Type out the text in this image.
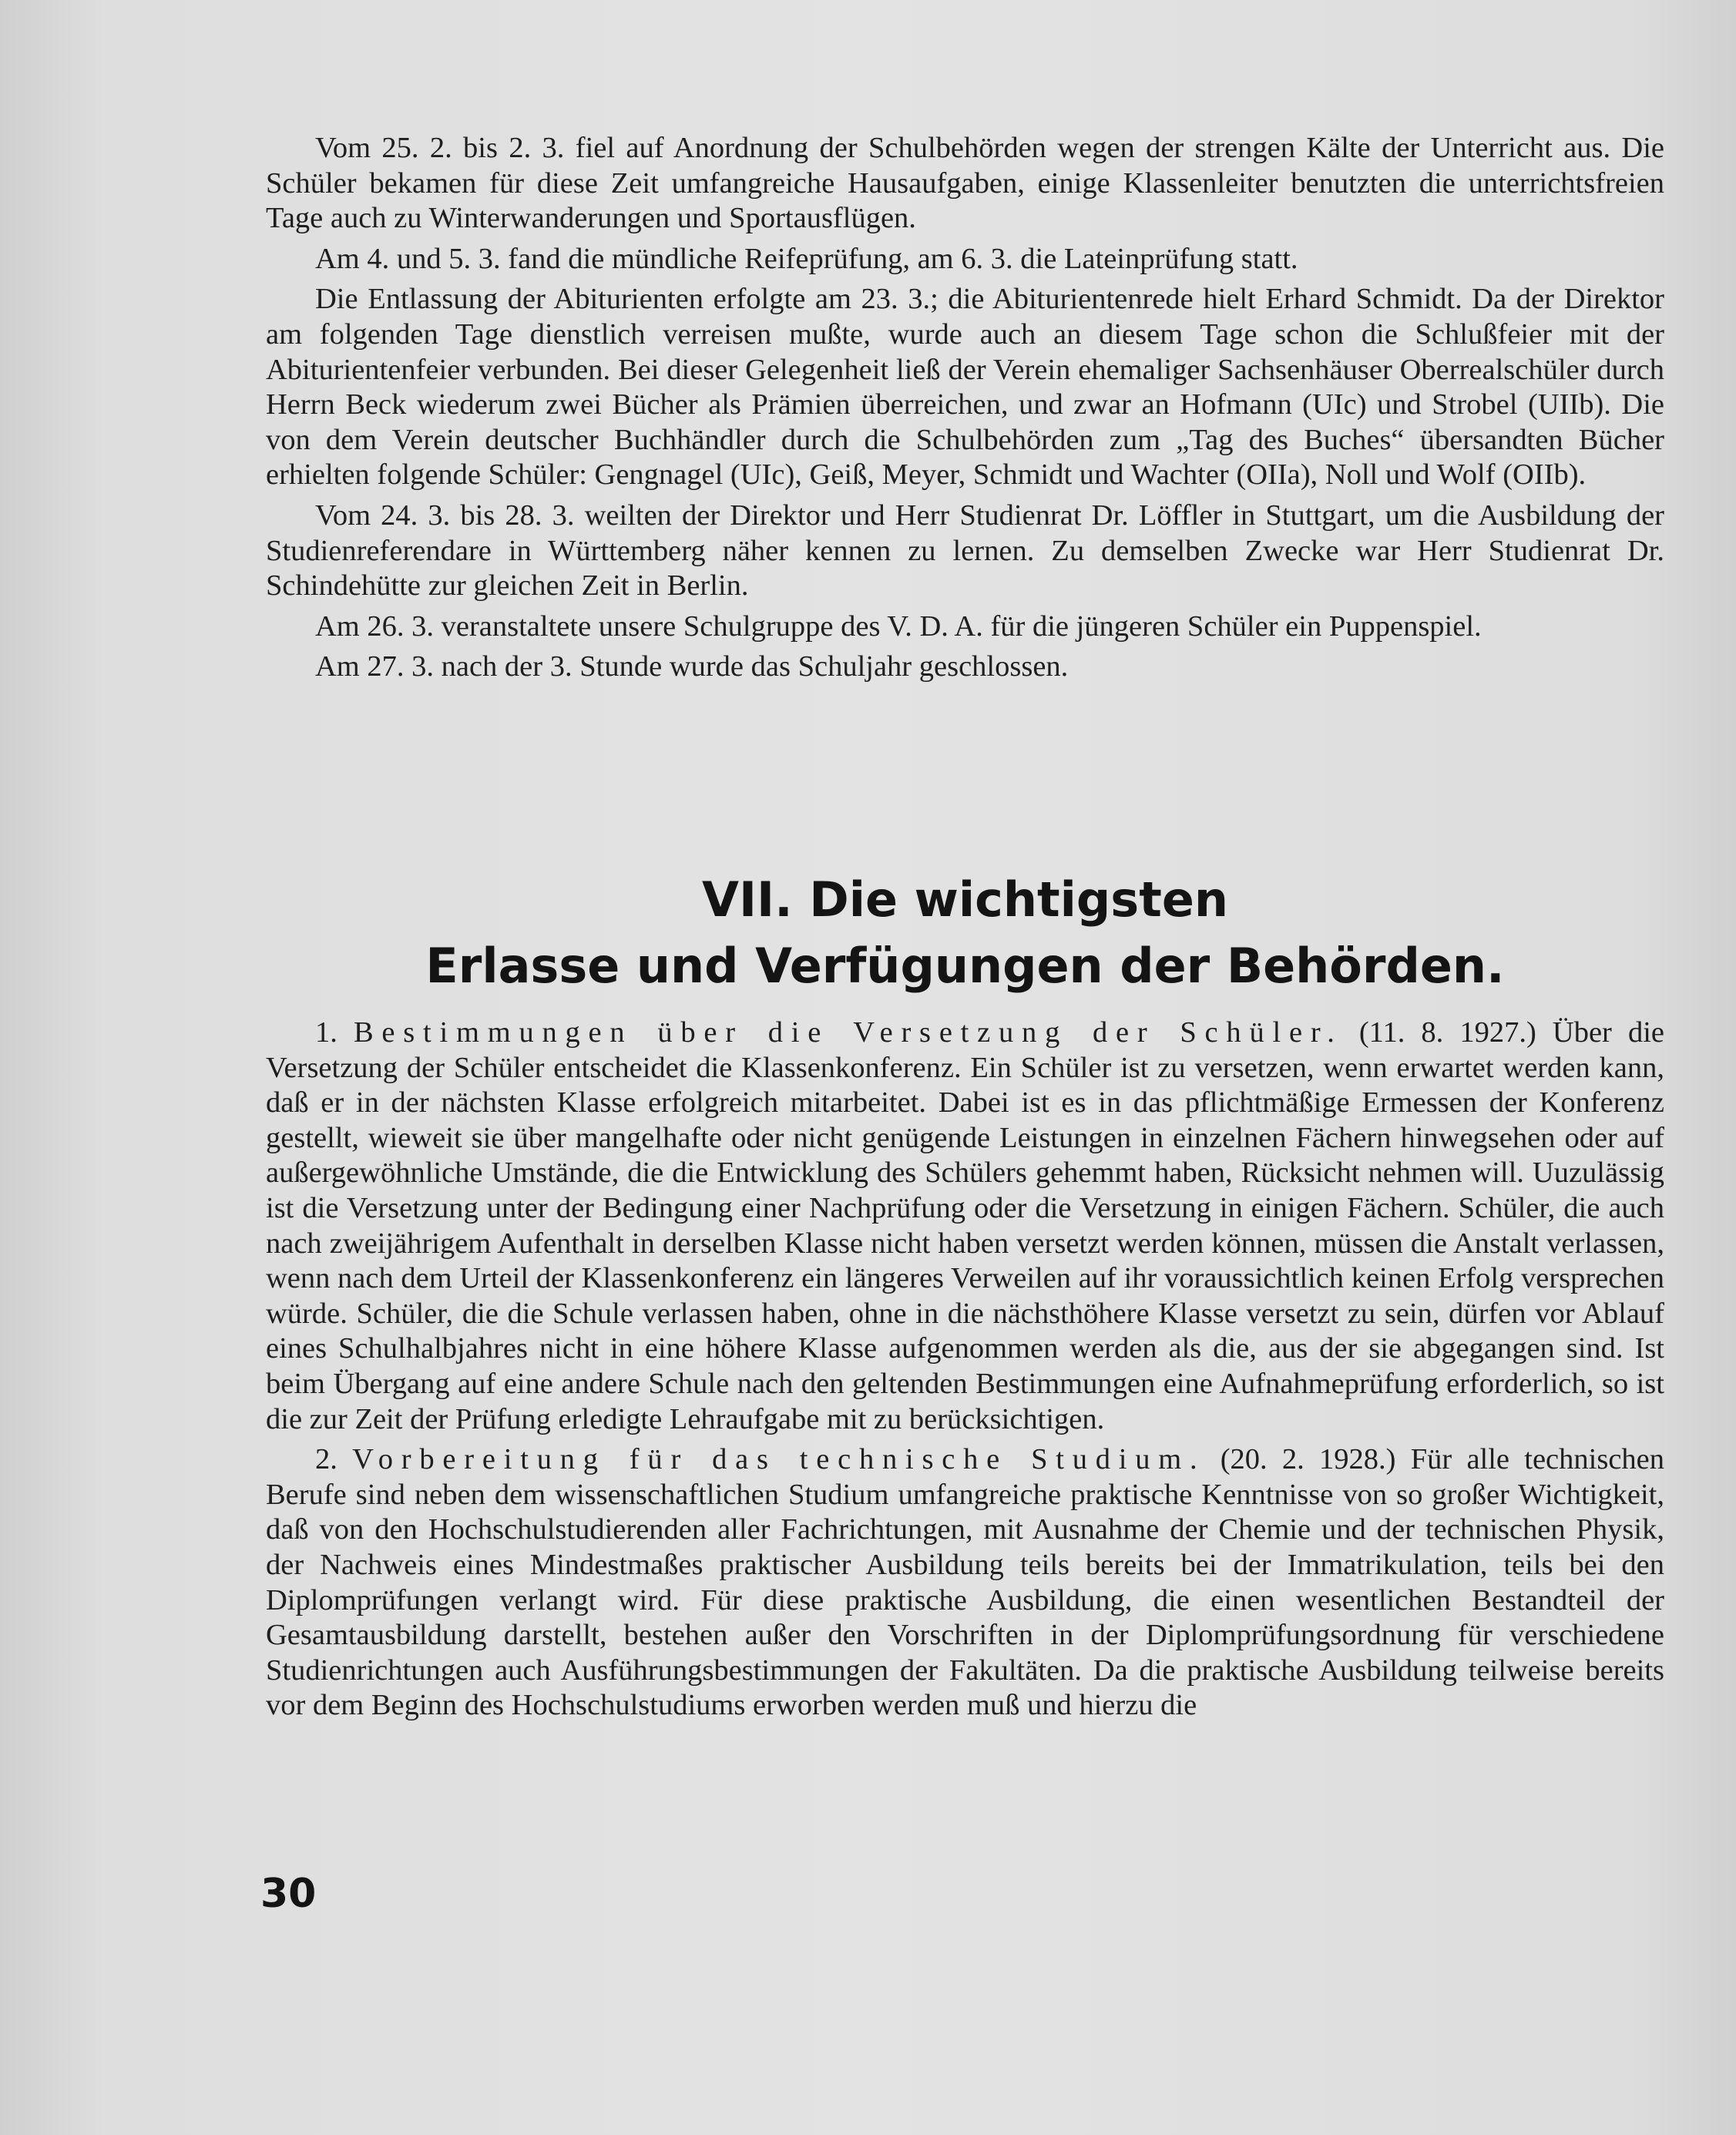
Vom 25. 2. bis 2. 3. fiel auf Anordnung der Schulbehörden wegen der strengen Kälte der Unterricht aus. Die Schüler bekamen für diese Zeit umfangreiche Hausaufgaben, einige Klassenleiter benutzten die unterrichtsfreien Tage auch zu Winterwanderungen und Sportausflügen.

Am 4. und 5. 3. fand die mündliche Reifeprüfung, am 6. 3. die Lateinprüfung statt.

Die Entlassung der Abiturienten erfolgte am 23. 3.; die Abiturientenrede hielt Erhard Schmidt. Da der Direktor am folgenden Tage dienstlich verreisen mußte, wurde auch an diesem Tage schon die Schlußfeier mit der Abiturientenfeier verbunden. Bei dieser Gelegenheit ließ der Verein ehemaliger Sachsenhäuser Oberrealschüler durch Herrn Beck wiederum zwei Bücher als Prämien überreichen, und zwar an Hofmann (UIc) und Strobel (UIIb). Die von dem Verein deutscher Buchhändler durch die Schulbehörden zum „Tag des Buches“ übersandten Bücher erhielten folgende Schüler: Gengnagel (UIc), Geiß, Meyer, Schmidt und Wachter (OIIa), Noll und Wolf (OIIb).

Vom 24. 3. bis 28. 3. weilten der Direktor und Herr Studienrat Dr. Löffler in Stuttgart, um die Ausbildung der Studienreferendare in Württemberg näher kennen zu lernen. Zu demselben Zwecke war Herr Studienrat Dr. Schindehütte zur gleichen Zeit in Berlin.

Am 26. 3. veranstaltete unsere Schulgruppe des V. D. A. für die jüngeren Schüler ein Puppenspiel.

Am 27. 3. nach der 3. Stunde wurde das Schuljahr geschlossen.

VII. Die wichtigsten
Erlasse und Verfügungen der Behörden.

1. Bestimmungen über die Versetzung der Schüler. (11. 8. 1927.) Über die Versetzung der Schüler entscheidet die Klassenkonferenz. Ein Schüler ist zu versetzen, wenn erwartet werden kann, daß er in der nächsten Klasse erfolgreich mitarbeitet. Dabei ist es in das pflichtmäßige Ermessen der Konferenz gestellt, wieweit sie über mangelhafte oder nicht genügende Leistungen in einzelnen Fächern hinwegsehen oder auf außergewöhnliche Umstände, die die Entwicklung des Schülers gehemmt haben, Rücksicht nehmen will. Uuzulässig ist die Versetzung unter der Bedingung einer Nachprüfung oder die Versetzung in einigen Fächern. Schüler, die auch nach zweijährigem Aufenthalt in derselben Klasse nicht haben versetzt werden können, müssen die Anstalt verlassen, wenn nach dem Urteil der Klassenkonferenz ein längeres Verweilen auf ihr voraussichtlich keinen Erfolg versprechen würde. Schüler, die die Schule verlassen haben, ohne in die nächsthöhere Klasse versetzt zu sein, dürfen vor Ablauf eines Schulhalbjahres nicht in eine höhere Klasse aufgenommen werden als die, aus der sie abgegangen sind. Ist beim Übergang auf eine andere Schule nach den geltenden Bestimmungen eine Aufnahmeprüfung erforderlich, so ist die zur Zeit der Prüfung erledigte Lehraufgabe mit zu berücksichtigen.

2. Vorbereitung für das technische Studium. (20. 2. 1928.) Für alle technischen Berufe sind neben dem wissenschaftlichen Studium umfangreiche praktische Kenntnisse von so großer Wichtigkeit, daß von den Hochschulstudierenden aller Fachrichtungen, mit Ausnahme der Chemie und der technischen Physik, der Nachweis eines Mindestmaßes praktischer Ausbildung teils bereits bei der Immatrikulation, teils bei den Diplomprüfungen verlangt wird. Für diese praktische Ausbildung, die einen wesentlichen Bestandteil der Gesamtausbildung darstellt, bestehen außer den Vorschriften in der Diplomprüfungsordnung für verschiedene Studienrichtungen auch Ausführungsbestimmungen der Fakultäten. Da die praktische Ausbildung teilweise bereits vor dem Beginn des Hochschulstudiums erworben werden muß und hierzu die

30
